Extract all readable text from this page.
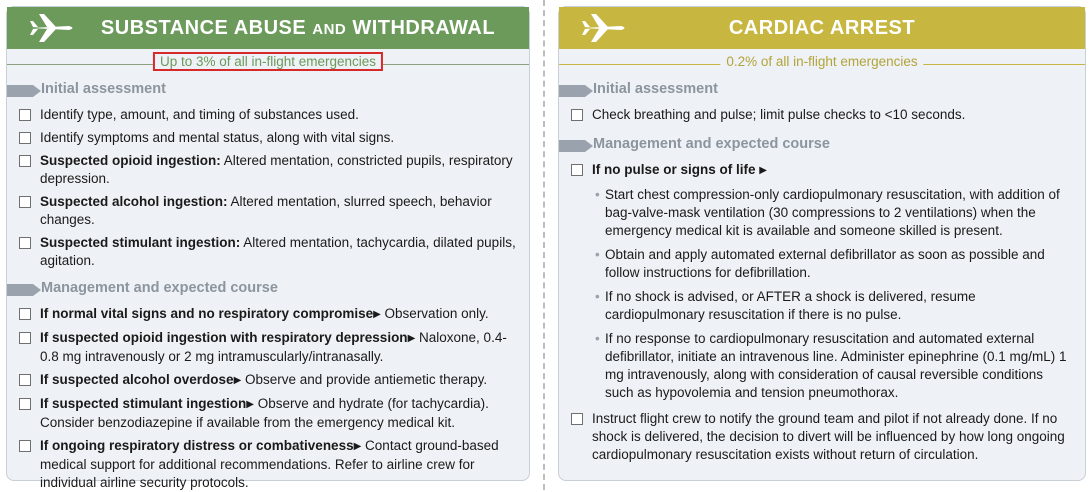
SUBSTANCE ABUSE AND WITHDRAWAL
Up to 3% of all in-flight emergencies
Initial assessment
Identify type, amount, and timing of substances used.
Identify symptoms and mental status, along with vital signs.
Suspected opioid ingestion: Altered mentation, constricted pupils, respiratory depression.
Suspected alcohol ingestion: Altered mentation, slurred speech, behavior changes.
Suspected stimulant ingestion: Altered mentation, tachycardia, dilated pupils, agitation.
Management and expected course
If normal vital signs and no respiratory compromise▶ Observation only.
If suspected opioid ingestion with respiratory depression▶ Naloxone, 0.4-0.8 mg intravenously or 2 mg intramuscularly/intranasally.
If suspected alcohol overdose▶ Observe and provide antiemetic therapy.
If suspected stimulant ingestion▶ Observe and hydrate (for tachycardia). Consider benzodiazepine if available from the emergency medical kit.
If ongoing respiratory distress or combativeness▶ Contact ground-based medical support for additional recommendations. Refer to airline crew for individual airline security protocols.
CARDIAC ARREST
0.2% of all in-flight emergencies
Initial assessment
Check breathing and pulse; limit pulse checks to <10 seconds.
Management and expected course
If no pulse or signs of life ▶
• Start chest compression-only cardiopulmonary resuscitation, with addition of bag-valve-mask ventilation (30 compressions to 2 ventilations) when the emergency medical kit is available and someone skilled is present.
• Obtain and apply automated external defibrillator as soon as possible and follow instructions for defibrillation.
• If no shock is advised, or AFTER a shock is delivered, resume cardiopulmonary resuscitation if there is no pulse.
• If no response to cardiopulmonary resuscitation and automated external defibrillator, initiate an intravenous line. Administer epinephrine (0.1 mg/mL) 1 mg intravenously, along with consideration of causal reversible conditions such as hypovolemia and tension pneumothorax.
Instruct flight crew to notify the ground team and pilot if not already done. If no shock is delivered, the decision to divert will be influenced by how long ongoing cardiopulmonary resuscitation exists without return of circulation.
